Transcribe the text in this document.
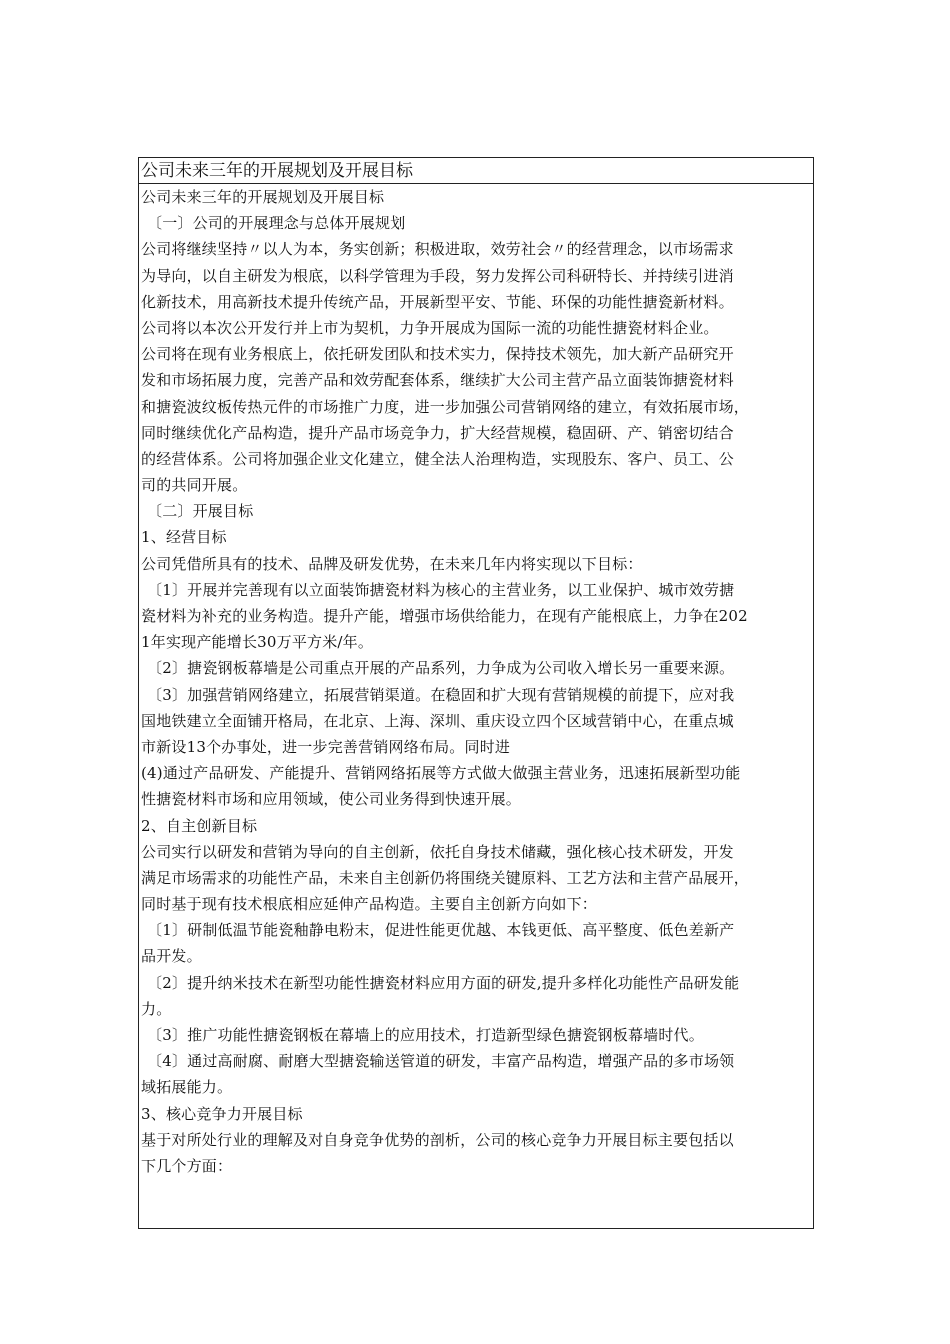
公司未来三年的开展规划及开展目标
公司未来三年的开展规划及开展目标
〔一〕公司的开展理念与总体开展规划
公司将继续坚持〃以人为本，务实创新；积极进取，效劳社会〃的经营理念，以市场需求
为导向，以自主研发为根底，以科学管理为手段，努力发挥公司科研特长、并持续引进消
化新技术，用高新技术提升传统产品，开展新型平安、节能、环保的功能性搪瓷新材料。
公司将以本次公开发行并上市为契机，力争开展成为国际一流的功能性搪瓷材料企业。
公司将在现有业务根底上，依托研发团队和技术实力，保持技术领先，加大新产品研究开
发和市场拓展力度，完善产品和效劳配套体系，继续扩大公司主营产品立面装饰搪瓷材料
和搪瓷波纹板传热元件的市场推广力度，进一步加强公司营销网络的建立，有效拓展市场，
同时继续优化产品构造，提升产品市场竞争力，扩大经营规模，稳固研、产、销密切结合
的经营体系。公司将加强企业文化建立，健全法人治理构造，实现股东、客户、员工、公
司的共同开展。
〔二〕开展目标
1、经营目标
公司凭借所具有的技术、品牌及研发优势，在未来几年内将实现以下目标：
〔1〕开展并完善现有以立面装饰搪瓷材料为核心的主营业务，以工业保护、城市效劳搪
瓷材料为补充的业务构造。提升产能，增强市场供给能力，在现有产能根底上，力争在202
1年实现产能增长30万平方米/年。
〔2〕搪瓷钢板幕墙是公司重点开展的产品系列，力争成为公司收入增长另一重要来源。
〔3〕加强营销网络建立，拓展营销渠道。在稳固和扩大现有营销规模的前提下，应对我
国地铁建立全面铺开格局，在北京、上海、深圳、重庆设立四个区域营销中心，在重点城
市新设13个办事处，进一步完善营销网络布局。同时进
(4)通过产品研发、产能提升、营销网络拓展等方式做大做强主营业务，迅速拓展新型功能
性搪瓷材料市场和应用领域，使公司业务得到快速开展。
2、自主创新目标
公司实行以研发和营销为导向的自主创新，依托自身技术储藏，强化核心技术研发，开发
满足市场需求的功能性产品，未来自主创新仍将围绕关键原料、工艺方法和主营产品展开，
同时基于现有技术根底相应延伸产品构造。主要自主创新方向如下：
〔1〕研制低温节能瓷釉静电粉末，促进性能更优越、本钱更低、高平整度、低色差新产
品开发。
〔2〕提升纳米技术在新型功能性搪瓷材料应用方面的研发,提升多样化功能性产品研发能
力。
〔3〕推广功能性搪瓷钢板在幕墙上的应用技术，打造新型绿色搪瓷钢板幕墙时代。
〔4〕通过高耐腐、耐磨大型搪瓷输送管道的研发，丰富产品构造，增强产品的多市场领
域拓展能力。
3、核心竞争力开展目标
基于对所处行业的理解及对自身竞争优势的剖析，公司的核心竞争力开展目标主要包括以
下几个方面：
